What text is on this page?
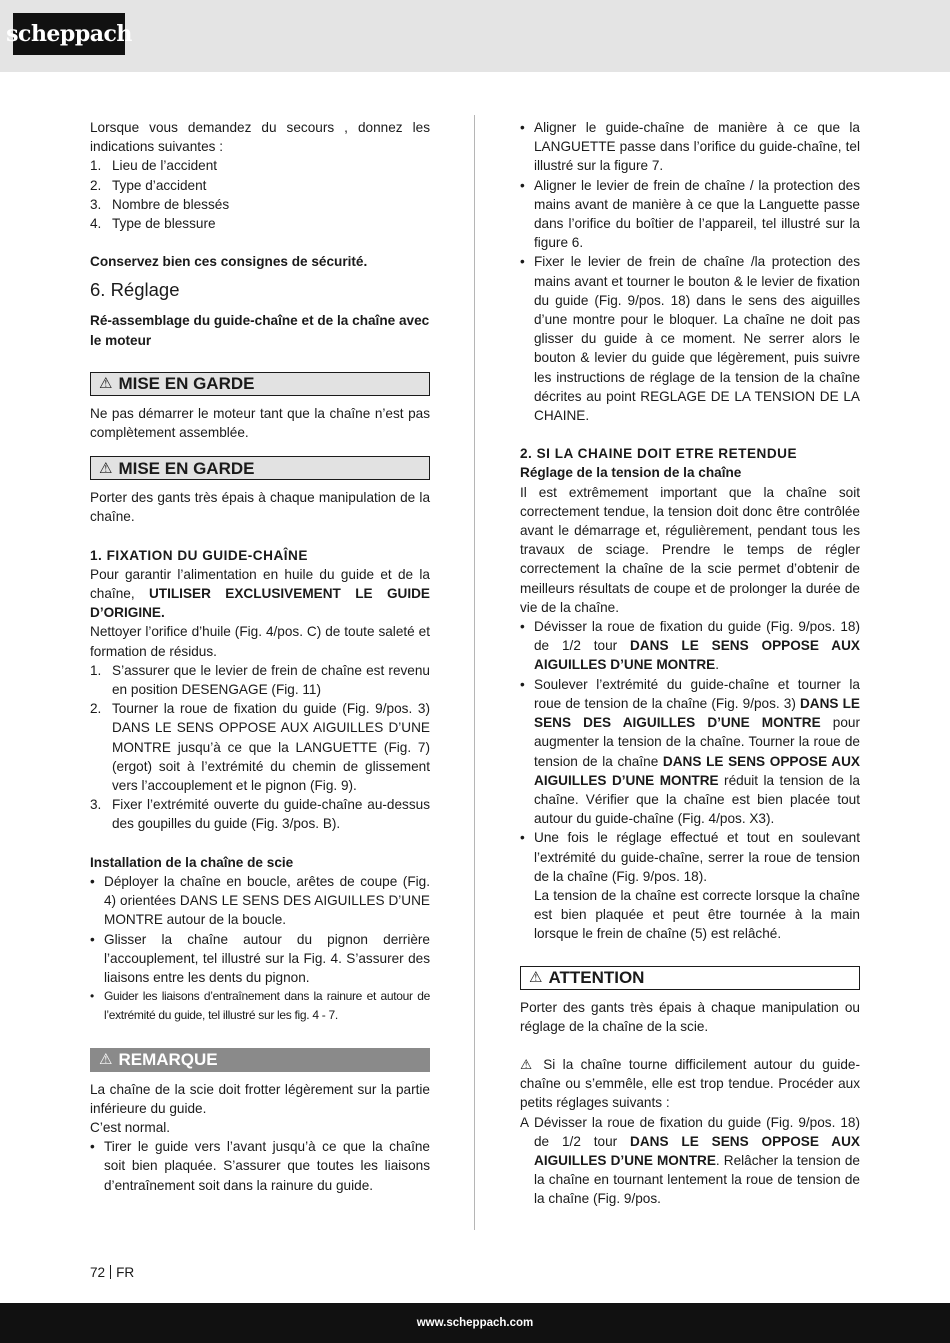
scheppach

Lorsque vous demandez du secours , donnez les indications suivantes :

1. Lieu de l’accident
2. Type d’accident
3. Nombre de blessés
4. Type de blessure

Conservez bien ces consignes de sécurité.

6. Réglage

Ré-assemblage du guide-chaîne et de la chaîne avec le moteur

⚠ MISE EN GARDE

Ne pas démarrer le moteur tant que la chaîne n’est pas complètement assemblée.

⚠ MISE EN GARDE

Porter des gants très épais à chaque manipulation de la chaîne.

1. FIXATION DU GUIDE-CHAÎNE

Pour garantir l’alimentation en huile du guide et de la chaîne, UTILISER EXCLUSIVEMENT LE GUIDE D’ORIGINE.

Nettoyer l’orifice d’huile (Fig. 4/pos. C) de toute saleté et formation de résidus.

1. S’assurer que le levier de frein de chaîne est revenu en position DESENGAGE (Fig. 11)
2. Tourner la roue de fixation du guide (Fig. 9/pos. 3) DANS LE SENS OPPOSE AUX AIGUILLES D’UNE MONTRE jusqu’à ce que la LANGUETTE (Fig. 7) (ergot) soit à l’extrémité du chemin de glissement vers l’accouplement et le pignon (Fig. 9).
3. Fixer l’extrémité ouverte du guide-chaîne au-dessus des goupilles du guide (Fig. 3/pos. B).

Installation de la chaîne de scie

• Déployer la chaîne en boucle, arêtes de coupe (Fig. 4) orientées DANS LE SENS DES AIGUILLES D’UNE MONTRE autour de la boucle.
• Glisser la chaîne autour du pignon derrière l’accouplement, tel illustré sur la Fig. 4. S’assurer des liaisons entre les dents du pignon.
• Guider les liaisons d’entraînement dans la rainure et autour de l’extrémité du guide, tel illustré sur les fig. 4 - 7.
⚠ REMARQUE

La chaîne de la scie doit frotter légèrement sur la partie inférieure du guide.

C’est normal.

• Tirer le guide vers l’avant jusqu’à ce que la chaîne soit bien plaquée. S’assurer que toutes les liaisons d’entraînement soit dans la rainure du guide.
• Aligner le guide-chaîne de manière à ce que la LANGUETTE passe dans l’orifice du guide-chaîne, tel illustré sur la figure 7.
• Aligner le levier de frein de chaîne / la protection des mains avant de manière à ce que la Languette passe dans l’orifice du boîtier de l’appareil, tel illustré sur la figure 6.
• Fixer le levier de frein de chaîne /la protection des mains avant et tourner le bouton & le levier de fixation du guide (Fig. 9/pos. 18) dans le sens des aiguilles d’une montre pour le bloquer. La chaîne ne doit pas glisser du guide à ce moment. Ne serrer alors le bouton & levier du guide que légèrement, puis suivre les instructions de réglage de la tension de la chaîne décrites au point REGLAGE DE LA TENSION DE LA CHAINE.

2. SI LA CHAINE DOIT ETRE RETENDUE

Réglage de la tension de la chaîne

Il est extrêmement important que la chaîne soit correctement tendue, la tension doit donc être contrôlée avant le démarrage et, régulièrement, pendant tous les travaux de sciage. Prendre le temps de régler correctement la chaîne de la scie permet d’obtenir de meilleurs résultats de coupe et de prolonger la durée de vie de la chaîne.

• Dévisser la roue de fixation du guide (Fig. 9/pos. 18) de 1/2 tour DANS LE SENS OPPOSE AUX AIGUILLES D’UNE MONTRE.
• Soulever l’extrémité du guide-chaîne et tourner la roue de tension de la chaîne (Fig. 9/pos. 3) DANS LE SENS DES AIGUILLES D’UNE MONTRE pour augmenter la tension de la chaîne. Tourner la roue de tension de la chaîne DANS LE SENS OPPOSE AUX AIGUILLES D’UNE MONTRE réduit la tension de la chaîne. Vérifier que la chaîne est bien placée tout autour du guide-chaîne (Fig. 4/pos. X3).
• Une fois le réglage effectué et tout en soulevant l’extrémité du guide-chaîne, serrer la roue de tension de la chaîne (Fig. 9/pos. 18).
La tension de la chaîne est correcte lorsque la chaîne est bien plaquée et peut être tournée à la main lorsque le frein de chaîne (5) est relâché.
⚠ ATTENTION

Porter des gants très épais à chaque manipulation ou réglage de la chaîne de la scie.

⚠ Si la chaîne tourne difficilement autour du guide-chaîne ou s’emmêle, elle est trop tendue. Procéder aux petits réglages suivants :

A Dévisser la roue de fixation du guide (Fig. 9/pos. 18) de 1/2 tour DANS LE SENS OPPOSE AUX AIGUILLES D’UNE MONTRE. Relâcher la tension de la chaîne en tournant lentement la roue de tension de la chaîne (Fig. 9/pos.
72 FR
www.scheppach.com
